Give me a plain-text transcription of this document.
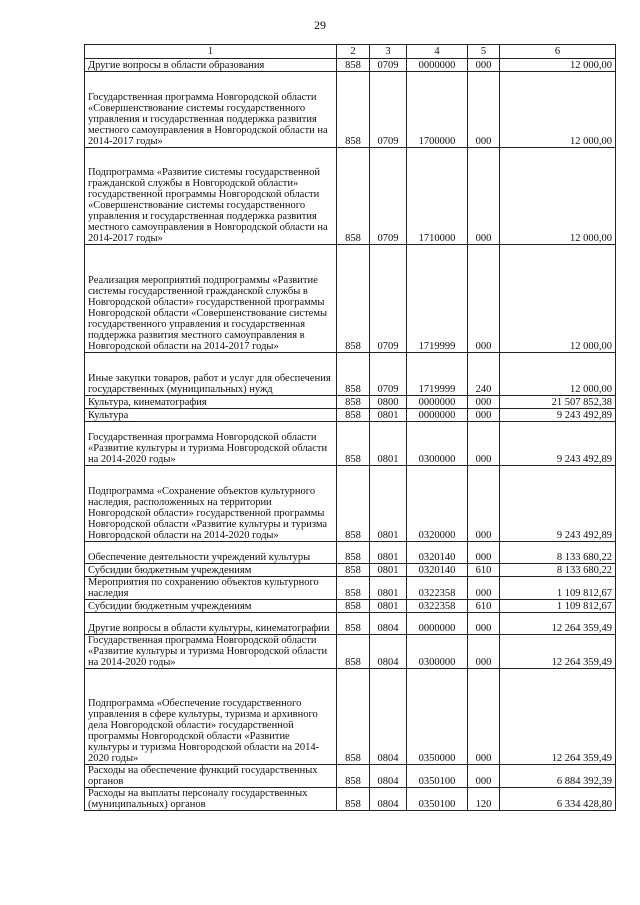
29
1	2	3	4	5	6
Другие вопросы в области образования	858	0709	0000000	000	12 000,00
Государственная программа Новгородской области «Совершенствование системы государственного управления и государственная поддержка развития местного самоуправления в Новгородской области на 2014-2017 годы»	858	0709	1700000	000	12 000,00
Подпрограмма «Развитие системы государственной гражданской службы в Новгородской области» государственной программы Новгородской области «Совершенствование системы государственного управления и государственная поддержка развития местного самоуправления в Новгородской области на 2014-2017 годы»	858	0709	1710000	000	12 000,00
Реализация мероприятий подпрограммы «Развитие системы государственной гражданской службы в Новгородской области» государственной программы Новгородской области «Совершенствование системы государственного управления и государственная поддержка развития местного самоуправления в Новгородской области на 2014-2017 годы»	858	0709	1719999	000	12 000,00
Иные закупки товаров, работ и услуг для обеспечения государственных (муниципальных) нужд	858	0709	1719999	240	12 000,00
Культура, кинематография	858	0800	0000000	000	21 507 852,38
Культура	858	0801	0000000	000	9 243 492,89
Государственная программа Новгородской области «Развитие культуры и туризма Новгородской области на 2014-2020 годы»	858	0801	0300000	000	9 243 492,89
Подпрограмма «Сохранение объектов культурного наследия, расположенных на территории Новгородской области» государственной программы Новгородской области «Развитие культуры и туризма Новгородской области на 2014-2020 годы»	858	0801	0320000	000	9 243 492,89
Обеспечение деятельности учреждений культуры	858	0801	0320140	000	8 133 680,22
Субсидии бюджетным учреждениям	858	0801	0320140	610	8 133 680,22
Мероприятия по сохранению объектов культурного наследия	858	0801	0322358	000	1 109 812,67
Субсидии бюджетным учреждениям	858	0801	0322358	610	1 109 812,67
Другие вопросы в области культуры, кинематографии	858	0804	0000000	000	12 264 359,49
Государственная программа Новгородской области «Развитие культуры и туризма Новгородской области на 2014-2020 годы»	858	0804	0300000	000	12 264 359,49
Подпрограмма «Обеспечение государственного управления в сфере культуры, туризма и архивного дела Новгородской области» государственной программы Новгородской области «Развитие культуры и туризма Новгородской области на 2014-2020 годы»	858	0804	0350000	000	12 264 359,49
Расходы на обеспечение функций государственных органов	858	0804	0350100	000	6 884 392,39
Расходы на выплаты персоналу государственных (муниципальных) органов	858	0804	0350100	120	6 334 428,80
